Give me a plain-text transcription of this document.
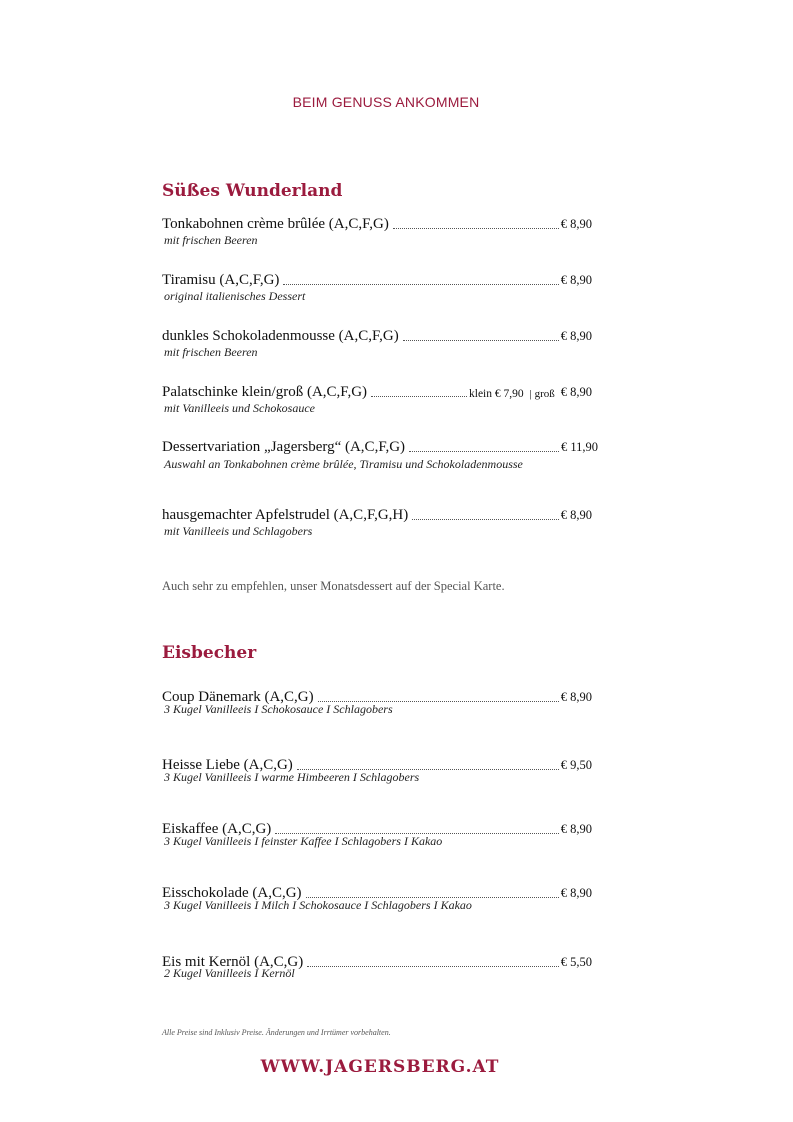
BEIM GENUSS ANKOMMEN
Süßes Wunderland
Tonkabohnen crème brûlée (A,C,F,G)	€ 8,90
mit frischen Beeren
Tiramisu (A,C,F,G)	€ 8,90
original italienisches Dessert
dunkles Schokoladenmousse (A,C,F,G)	€ 8,90
mit frischen Beeren
Palatschinke klein/groß (A,C,F,G)	klein € 7,90 | groß € 8,90
mit Vanilleeis und Schokosauce
Dessertvariation „Jagersberg“ (A,C,F,G)	€ 11,90
Auswahl an Tonkabohnen crème brûlée, Tiramisu und Schokoladenmousse
hausgemachter Apfelstrudel (A,C,F,G,H)	€ 8,90
mit Vanilleeis und Schlagobers
Auch sehr zu empfehlen, unser Monatsdessert auf der Special Karte.
Eisbecher
Coup Dänemark (A,C,G)	€ 8,90
3 Kugel Vanilleeis I Schokosauce I Schlagobers
Heisse Liebe (A,C,G)	€ 9,50
3 Kugel Vanilleeis I warme Himbeeren I Schlagobers
Eiskaffee (A,C,G)	€ 8,90
3 Kugel Vanilleeis I feinster Kaffee I Schlagobers I Kakao
Eisschokolade (A,C,G)	€ 8,90
3 Kugel Vanilleeis I Milch I Schokosauce I Schlagobers I Kakao
Eis mit Kernöl (A,C,G)	€ 5,50
2 Kugel Vanilleeis I Kernöl
Alle Preise sind Inklusiv Preise. Änderungen und Irrtümer vorbehalten.
WWW.JAGERSBERG.AT
